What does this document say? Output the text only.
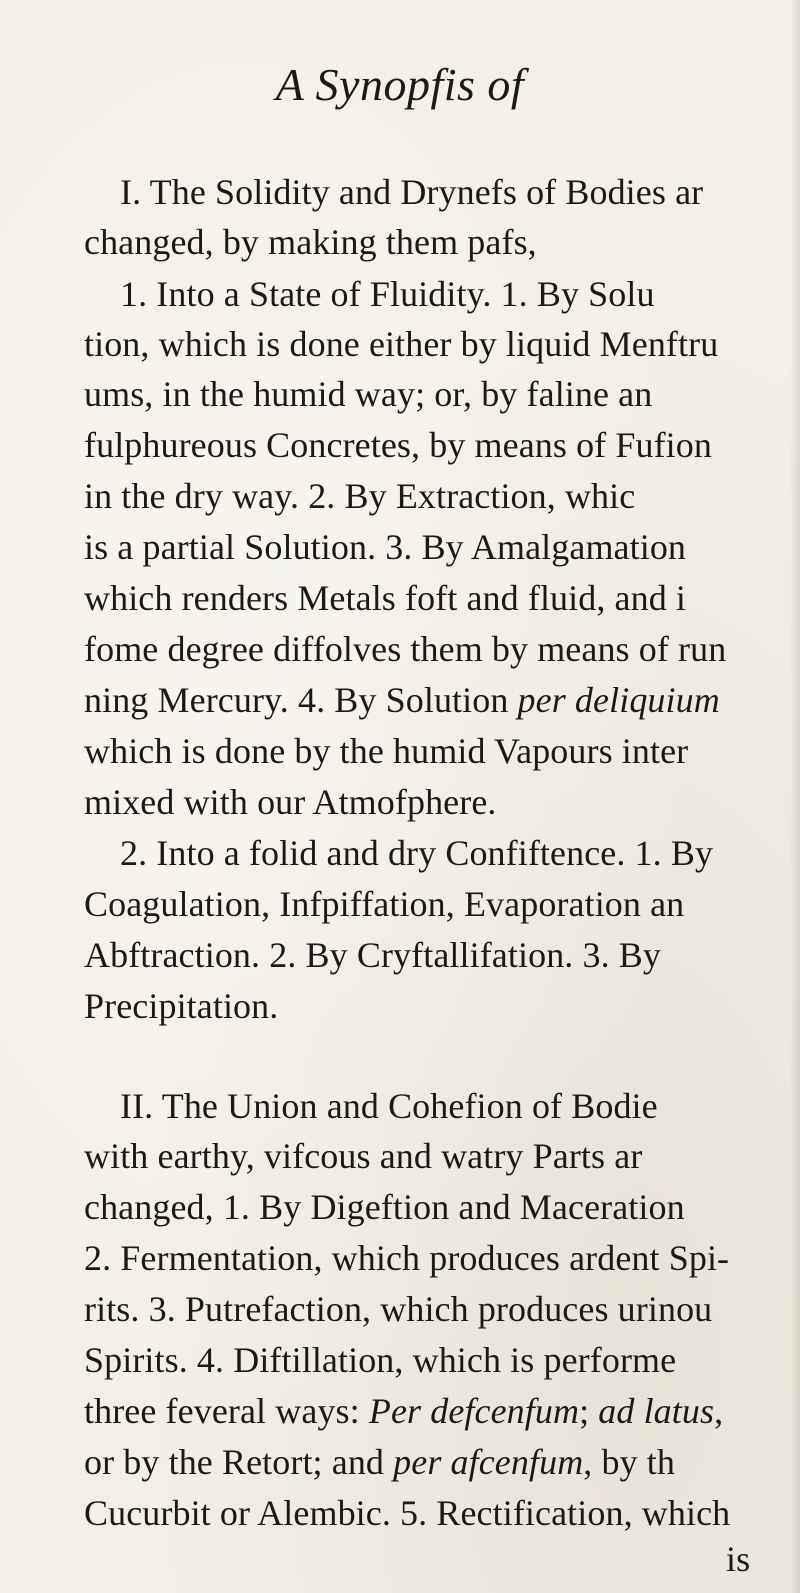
A Synopfis of
I. The Solidity and Drynefs of Bodies ar
changed, by making them pafs,
1. Into a State of Fluidity. 1. By Solu
tion, which is done either by liquid Menftru
ums, in the humid way; or, by faline an
fulphureous Concretes, by means of Fufion
in the dry way. 2. By Extraction, whic
is a partial Solution. 3. By Amalgamation
which renders Metals foft and fluid, and i
fome degree diffolves them by means of run
ning Mercury. 4. By Solution per deliquium
which is done by the humid Vapours inter
mixed with our Atmofphere.
2. Into a folid and dry Confiftence. 1. By
Coagulation, Infpiffation, Evaporation an
Abftraction. 2. By Cryftallifation. 3. By
Precipitation.
II. The Union and Cohefion of Bodie
with earthy, vifcous and watry Parts ar
changed, 1. By Digeftion and Maceration
2. Fermentation, which produces ardent Spi-
rits. 3. Putrefaction, which produces urinou
Spirits. 4. Diftillation, which is performe
three feveral ways: Per defcenfum; ad latus,
or by the Retort; and per afcenfum, by th
Cucurbit or Alembic. 5. Rectification, which
is
